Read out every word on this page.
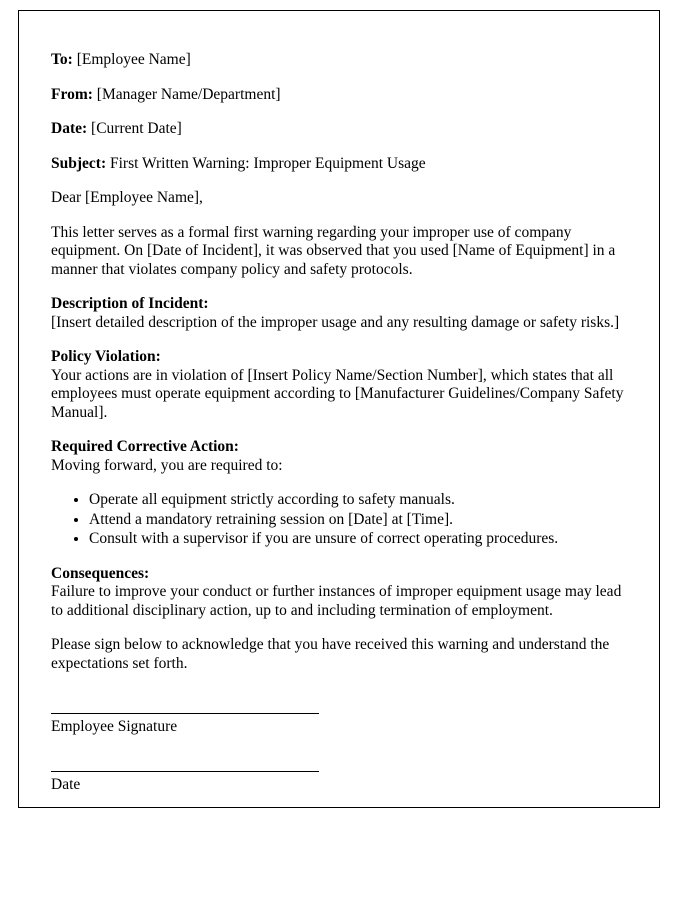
To: [Employee Name]

From: [Manager Name/Department]

Date: [Current Date]

Subject: First Written Warning: Improper Equipment Usage

Dear [Employee Name],

This letter serves as a formal first warning regarding your improper use of company equipment. On [Date of Incident], it was observed that you used [Name of Equipment] in a manner that violates company policy and safety protocols.

Description of Incident:
[Insert detailed description of the improper usage and any resulting damage or safety risks.]
Policy Violation:
Your actions are in violation of [Insert Policy Name/Section Number], which states that all employees must operate equipment according to [Manufacturer Guidelines/Company Safety Manual].
Required Corrective Action:
Moving forward, you are required to:
• Operate all equipment strictly according to safety manuals.
• Attend a mandatory retraining session on [Date] at [Time].
• Consult with a supervisor if you are unsure of correct operating procedures.
Consequences:
Failure to improve your conduct or further instances of improper equipment usage may lead to additional disciplinary action, up to and including termination of employment.

Please sign below to acknowledge that you have received this warning and understand the expectations set forth.

Employee Signature
Date
